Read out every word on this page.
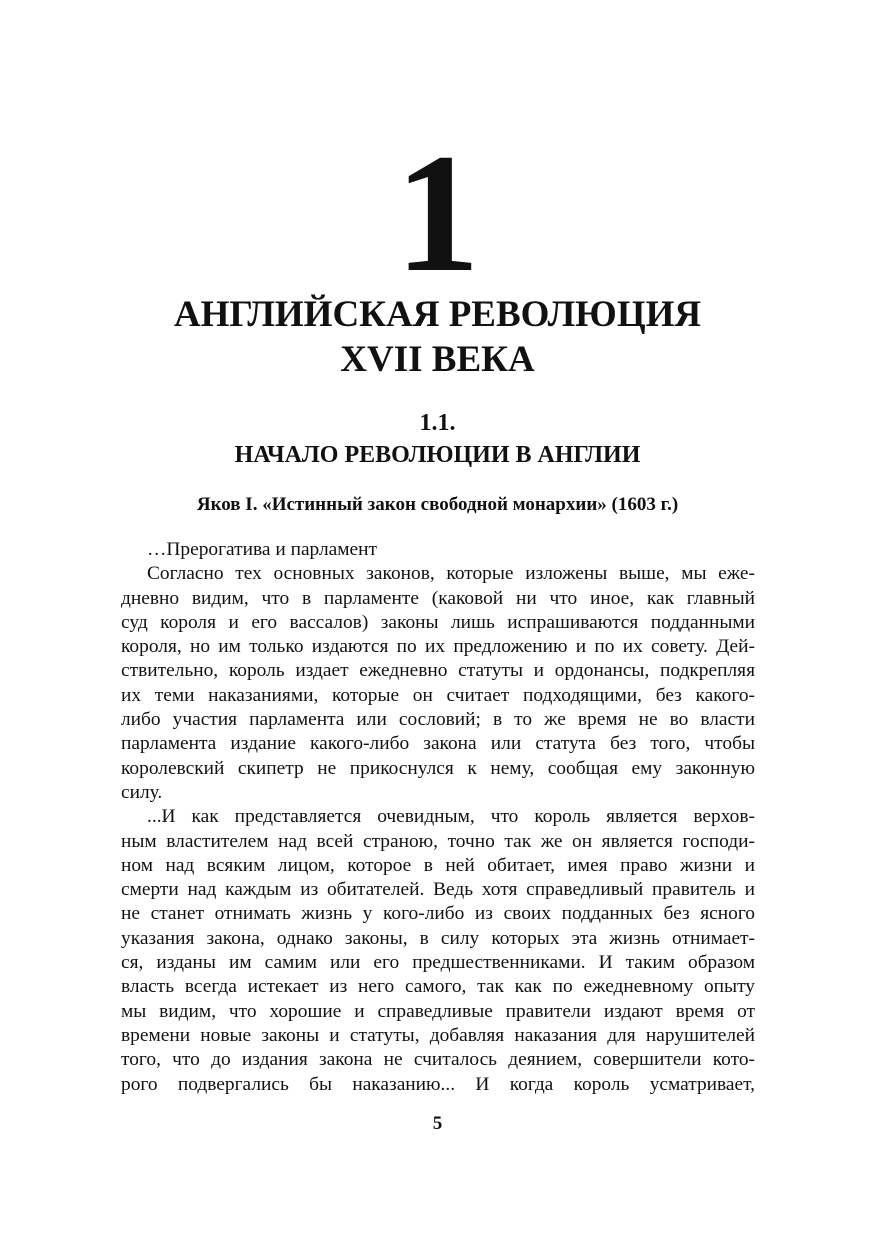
1
АНГЛИЙСКАЯ РЕВОЛЮЦИЯ
XVII ВЕКА
1.1.
НАЧАЛО РЕВОЛЮЦИИ В АНГЛИИ
Яков I. «Истинный закон свободной монархии» (1603 г.)
…Прерогатива и парламент
Согласно тех основных законов, которые изложены выше, мы еже-
дневно видим, что в парламенте (каковой ни что иное, как главный
суд короля и его вассалов) законы лишь испрашиваются подданными
короля, но им только издаются по их предложению и по их совету. Дей-
ствительно, король издает ежедневно статуты и ордонансы, подкрепляя
их теми наказаниями, которые он считает подходящими, без какого-
либо участия парламента или сословий; в то же время не во власти
парламента издание какого-либо закона или статута без того, чтобы
королевский скипетр не прикоснулся к нему, сообщая ему законную
силу.
...И как представляется очевидным, что король является верхов-
ным властителем над всей страною, точно так же он является господи-
ном над всяким лицом, которое в ней обитает, имея право жизни и
смерти над каждым из обитателей. Ведь хотя справедливый правитель и
не станет отнимать жизнь у кого-либо из своих подданных без ясного
указания закона, однако законы, в силу которых эта жизнь отнимает-
ся, изданы им самим или его предшественниками. И таким образом
власть всегда истекает из него самого, так как по ежедневному опыту
мы видим, что хорошие и справедливые правители издают время от
времени новые законы и статуты, добавляя наказания для нарушителей
того, что до издания закона не считалось деянием, совершители кото-
рого подвергались бы наказанию... И когда король усматривает,
5
